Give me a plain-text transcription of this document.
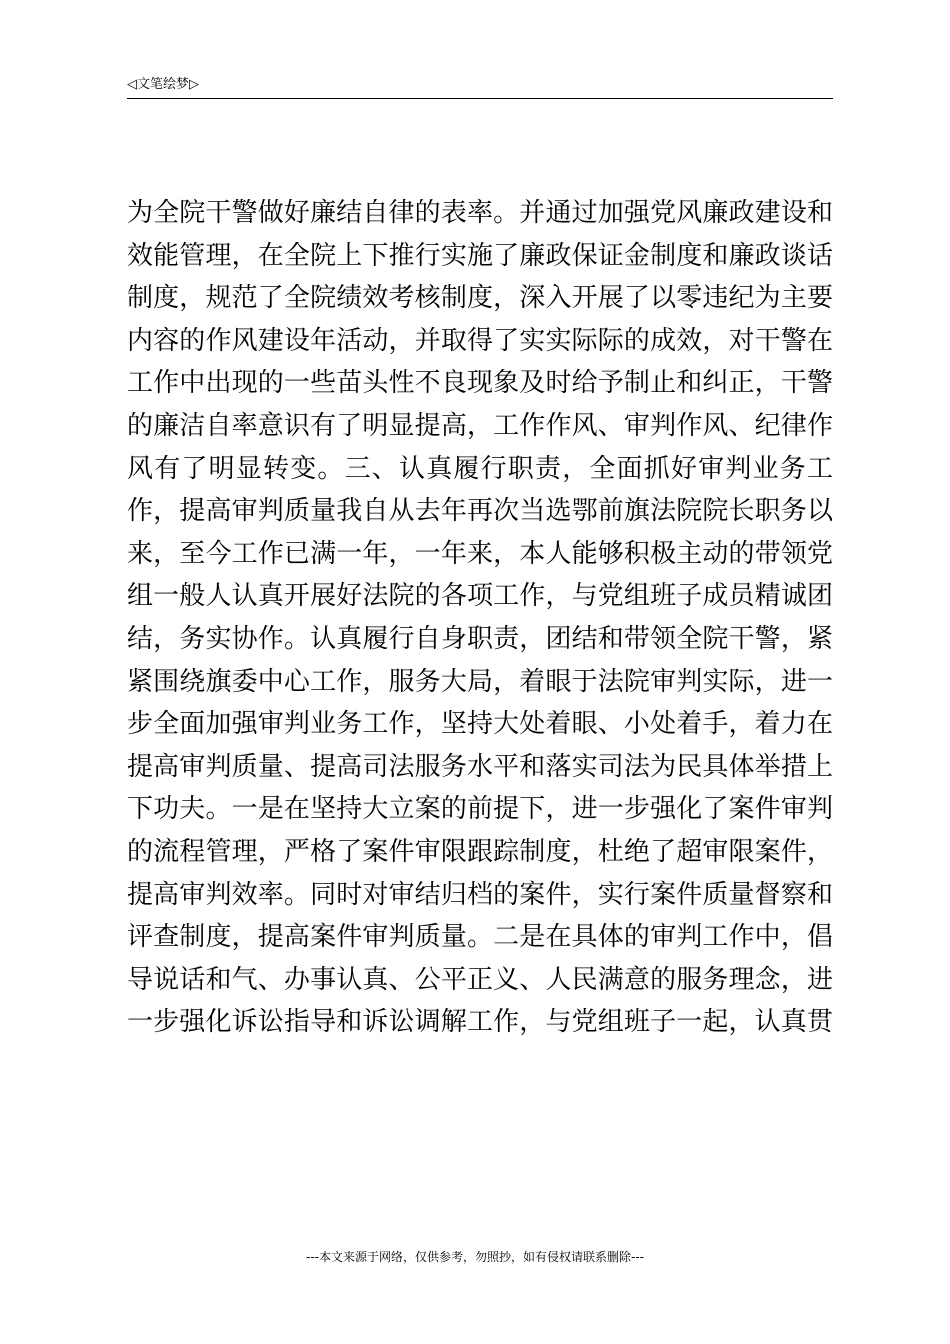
◁文笔绘梦▷
为全院干警做好廉结自律的表率。并通过加强党风廉政建设和
效能管理，在全院上下推行实施了廉政保证金制度和廉政谈话
制度，规范了全院绩效考核制度，深入开展了以零违纪为主要
内容的作风建设年活动，并取得了实实际际的成效，对干警在
工作中出现的一些苗头性不良现象及时给予制止和纠正，干警
的廉洁自率意识有了明显提高，工作作风、审判作风、纪律作
风有了明显转变。三、认真履行职责，全面抓好审判业务工
作，提高审判质量我自从去年再次当选鄂前旗法院院长职务以
来，至今工作已满一年，一年来，本人能够积极主动的带领党
组一般人认真开展好法院的各项工作，与党组班子成员精诚团
结，务实协作。认真履行自身职责，团结和带领全院干警，紧
紧围绕旗委中心工作，服务大局，着眼于法院审判实际，进一
步全面加强审判业务工作，坚持大处着眼、小处着手，着力在
提高审判质量、提高司法服务水平和落实司法为民具体举措上
下功夫。一是在坚持大立案的前提下，进一步强化了案件审判
的流程管理，严格了案件审限跟踪制度，杜绝了超审限案件，
提高审判效率。同时对审结归档的案件，实行案件质量督察和
评查制度，提高案件审判质量。二是在具体的审判工作中，倡
导说话和气、办事认真、公平正义、人民满意的服务理念，进
一步强化诉讼指导和诉讼调解工作，与党组班子一起，认真贯
---本文来源于网络，仅供参考，勿照抄，如有侵权请联系删除---
